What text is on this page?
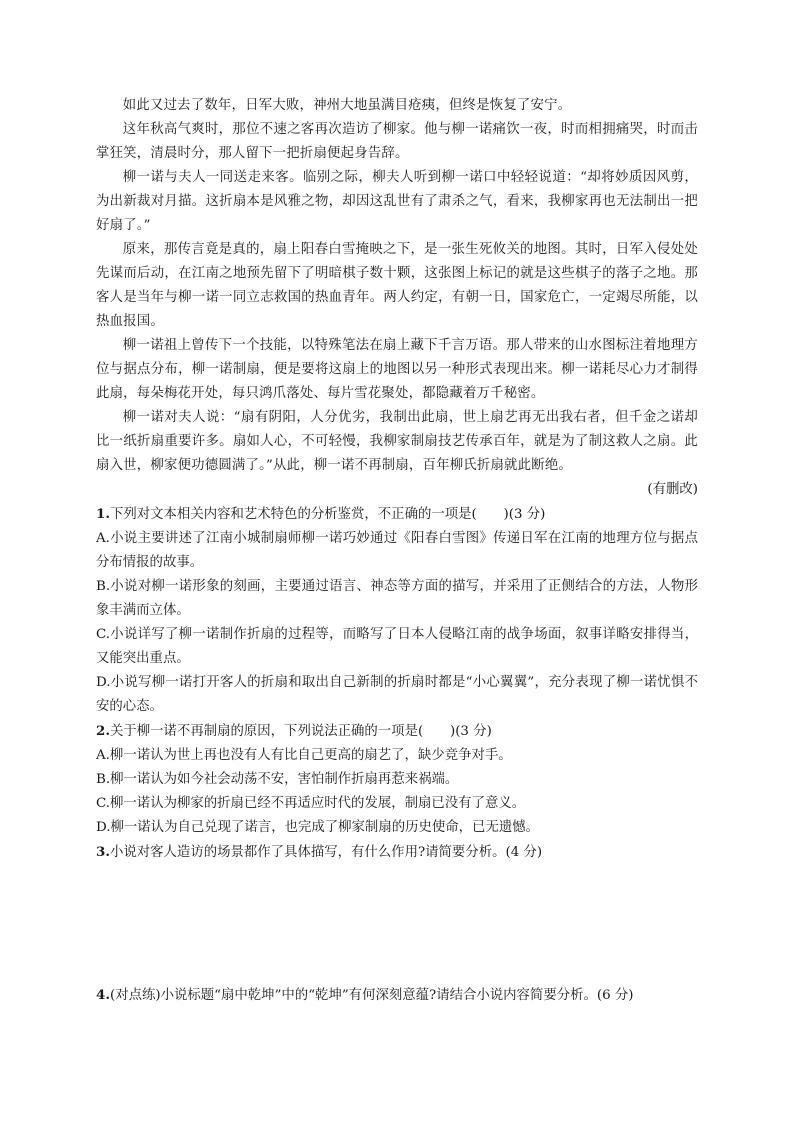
如此又过去了数年，日军大败，神州大地虽满目疮痍，但终是恢复了安宁。

这年秋高气爽时，那位不速之客再次造访了柳家。他与柳一诺痛饮一夜，时而相拥痛哭，时而击掌狂笑，清晨时分，那人留下一把折扇便起身告辞。

柳一诺与夫人一同送走来客。临别之际，柳夫人听到柳一诺口中轻轻说道：“却将妙质因风剪，为出新裁对月描。这折扇本是风雅之物，却因这乱世有了肃杀之气，看来，我柳家再也无法制出一把好扇了。”

原来，那传言竟是真的，扇上阳春白雪掩映之下，是一张生死攸关的地图。其时，日军入侵处处先谋而后动，在江南之地预先留下了明暗棋子数十颗，这张图上标记的就是这些棋子的落子之地。那客人是当年与柳一诺一同立志救国的热血青年。两人约定，有朝一日，国家危亡，一定竭尽所能，以热血报国。

柳一诺祖上曾传下一个技能，以特殊笔法在扇上藏下千言万语。那人带来的山水图标注着地理方位与据点分布，柳一诺制扇，便是要将这扇上的地图以另一种形式表现出来。柳一诺耗尽心力才制得此扇，每朵梅花开处，每只鸿爪落处、每片雪花聚处，都隐藏着万千秘密。

柳一诺对夫人说：“扇有阴阳，人分优劣，我制出此扇，世上扇艺再无出我右者，但千金之诺却比一纸折扇重要许多。扇如人心，不可轻慢，我柳家制扇技艺传承百年，就是为了制这救人之扇。此扇入世，柳家便功德圆满了。”从此，柳一诺不再制扇，百年柳氏折扇就此断绝。

(有删改)

1.下列对文本相关内容和艺术特色的分析鉴赏，不正确的一项是(　　)(3 分)

A.小说主要讲述了江南小城制扇师柳一诺巧妙通过《阳春白雪图》传递日军在江南的地理方位与据点分布情报的故事。

B.小说对柳一诺形象的刻画，主要通过语言、神态等方面的描写，并采用了正侧结合的方法，人物形象丰满而立体。

C.小说详写了柳一诺制作折扇的过程等，而略写了日本人侵略江南的战争场面，叙事详略安排得当，又能突出重点。

D.小说写柳一诺打开客人的折扇和取出自己新制的折扇时都是“小心翼翼”，充分表现了柳一诺忧惧不安的心态。

2.关于柳一诺不再制扇的原因，下列说法正确的一项是(　　)(3 分)

A.柳一诺认为世上再也没有人有比自己更高的扇艺了，缺少竞争对手。

B.柳一诺认为如今社会动荡不安，害怕制作折扇再惹来祸端。

C.柳一诺认为柳家的折扇已经不再适应时代的发展，制扇已没有了意义。

D.柳一诺认为自己兑现了诺言，也完成了柳家制扇的历史使命，已无遗憾。

3.小说对客人造访的场景都作了具体描写，有什么作用?请简要分析。(4 分)

4.(对点练)小说标题“扇中乾坤”中的“乾坤”有何深刻意蕴?请结合小说内容简要分析。(6 分)
